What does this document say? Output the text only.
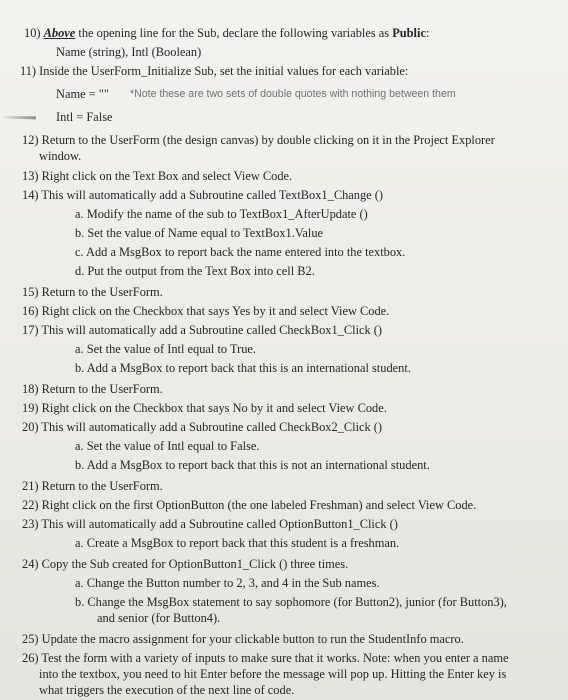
10) Above the opening line for the Sub, declare the following variables as Public:
Name (string), Intl (Boolean)
11) Inside the UserForm_Initialize Sub, set the initial values for each variable:
Name = "" *Note these are two sets of double quotes with nothing between them
Intl = False
12) Return to the UserForm (the design canvas) by double clicking on it in the Project Explorer
window.
13) Right click on the Text Box and select View Code.
14) This will automatically add a Subroutine called TextBox1_Change ()
a. Modify the name of the sub to TextBox1_AfterUpdate ()
b. Set the value of Name equal to TextBox1.Value
c. Add a MsgBox to report back the name entered into the textbox.
d. Put the output from the Text Box into cell B2.
15) Return to the UserForm.
16) Right click on the Checkbox that says Yes by it and select View Code.
17) This will automatically add a Subroutine called CheckBox1_Click ()
a. Set the value of Intl equal to True.
b. Add a MsgBox to report back that this is an international student.
18) Return to the UserForm.
19) Right click on the Checkbox that says No by it and select View Code.
20) This will automatically add a Subroutine called CheckBox2_Click ()
a. Set the value of Intl equal to False.
b. Add a MsgBox to report back that this is not an international student.
21) Return to the UserForm.
22) Right click on the first OptionButton (the one labeled Freshman) and select View Code.
23) This will automatically add a Subroutine called OptionButton1_Click ()
a. Create a MsgBox to report back that this student is a freshman.
24) Copy the Sub created for OptionButton1_Click () three times.
a. Change the Button number to 2, 3, and 4 in the Sub names.
b. Change the MsgBox statement to say sophomore (for Button2), junior (for Button3),
and senior (for Button4).
25) Update the macro assignment for your clickable button to run the StudentInfo macro.
26) Test the form with a variety of inputs to make sure that it works. Note: when you enter a name
into the textbox, you need to hit Enter before the message will pop up. Hitting the Enter key is
what triggers the execution of the next line of code.
